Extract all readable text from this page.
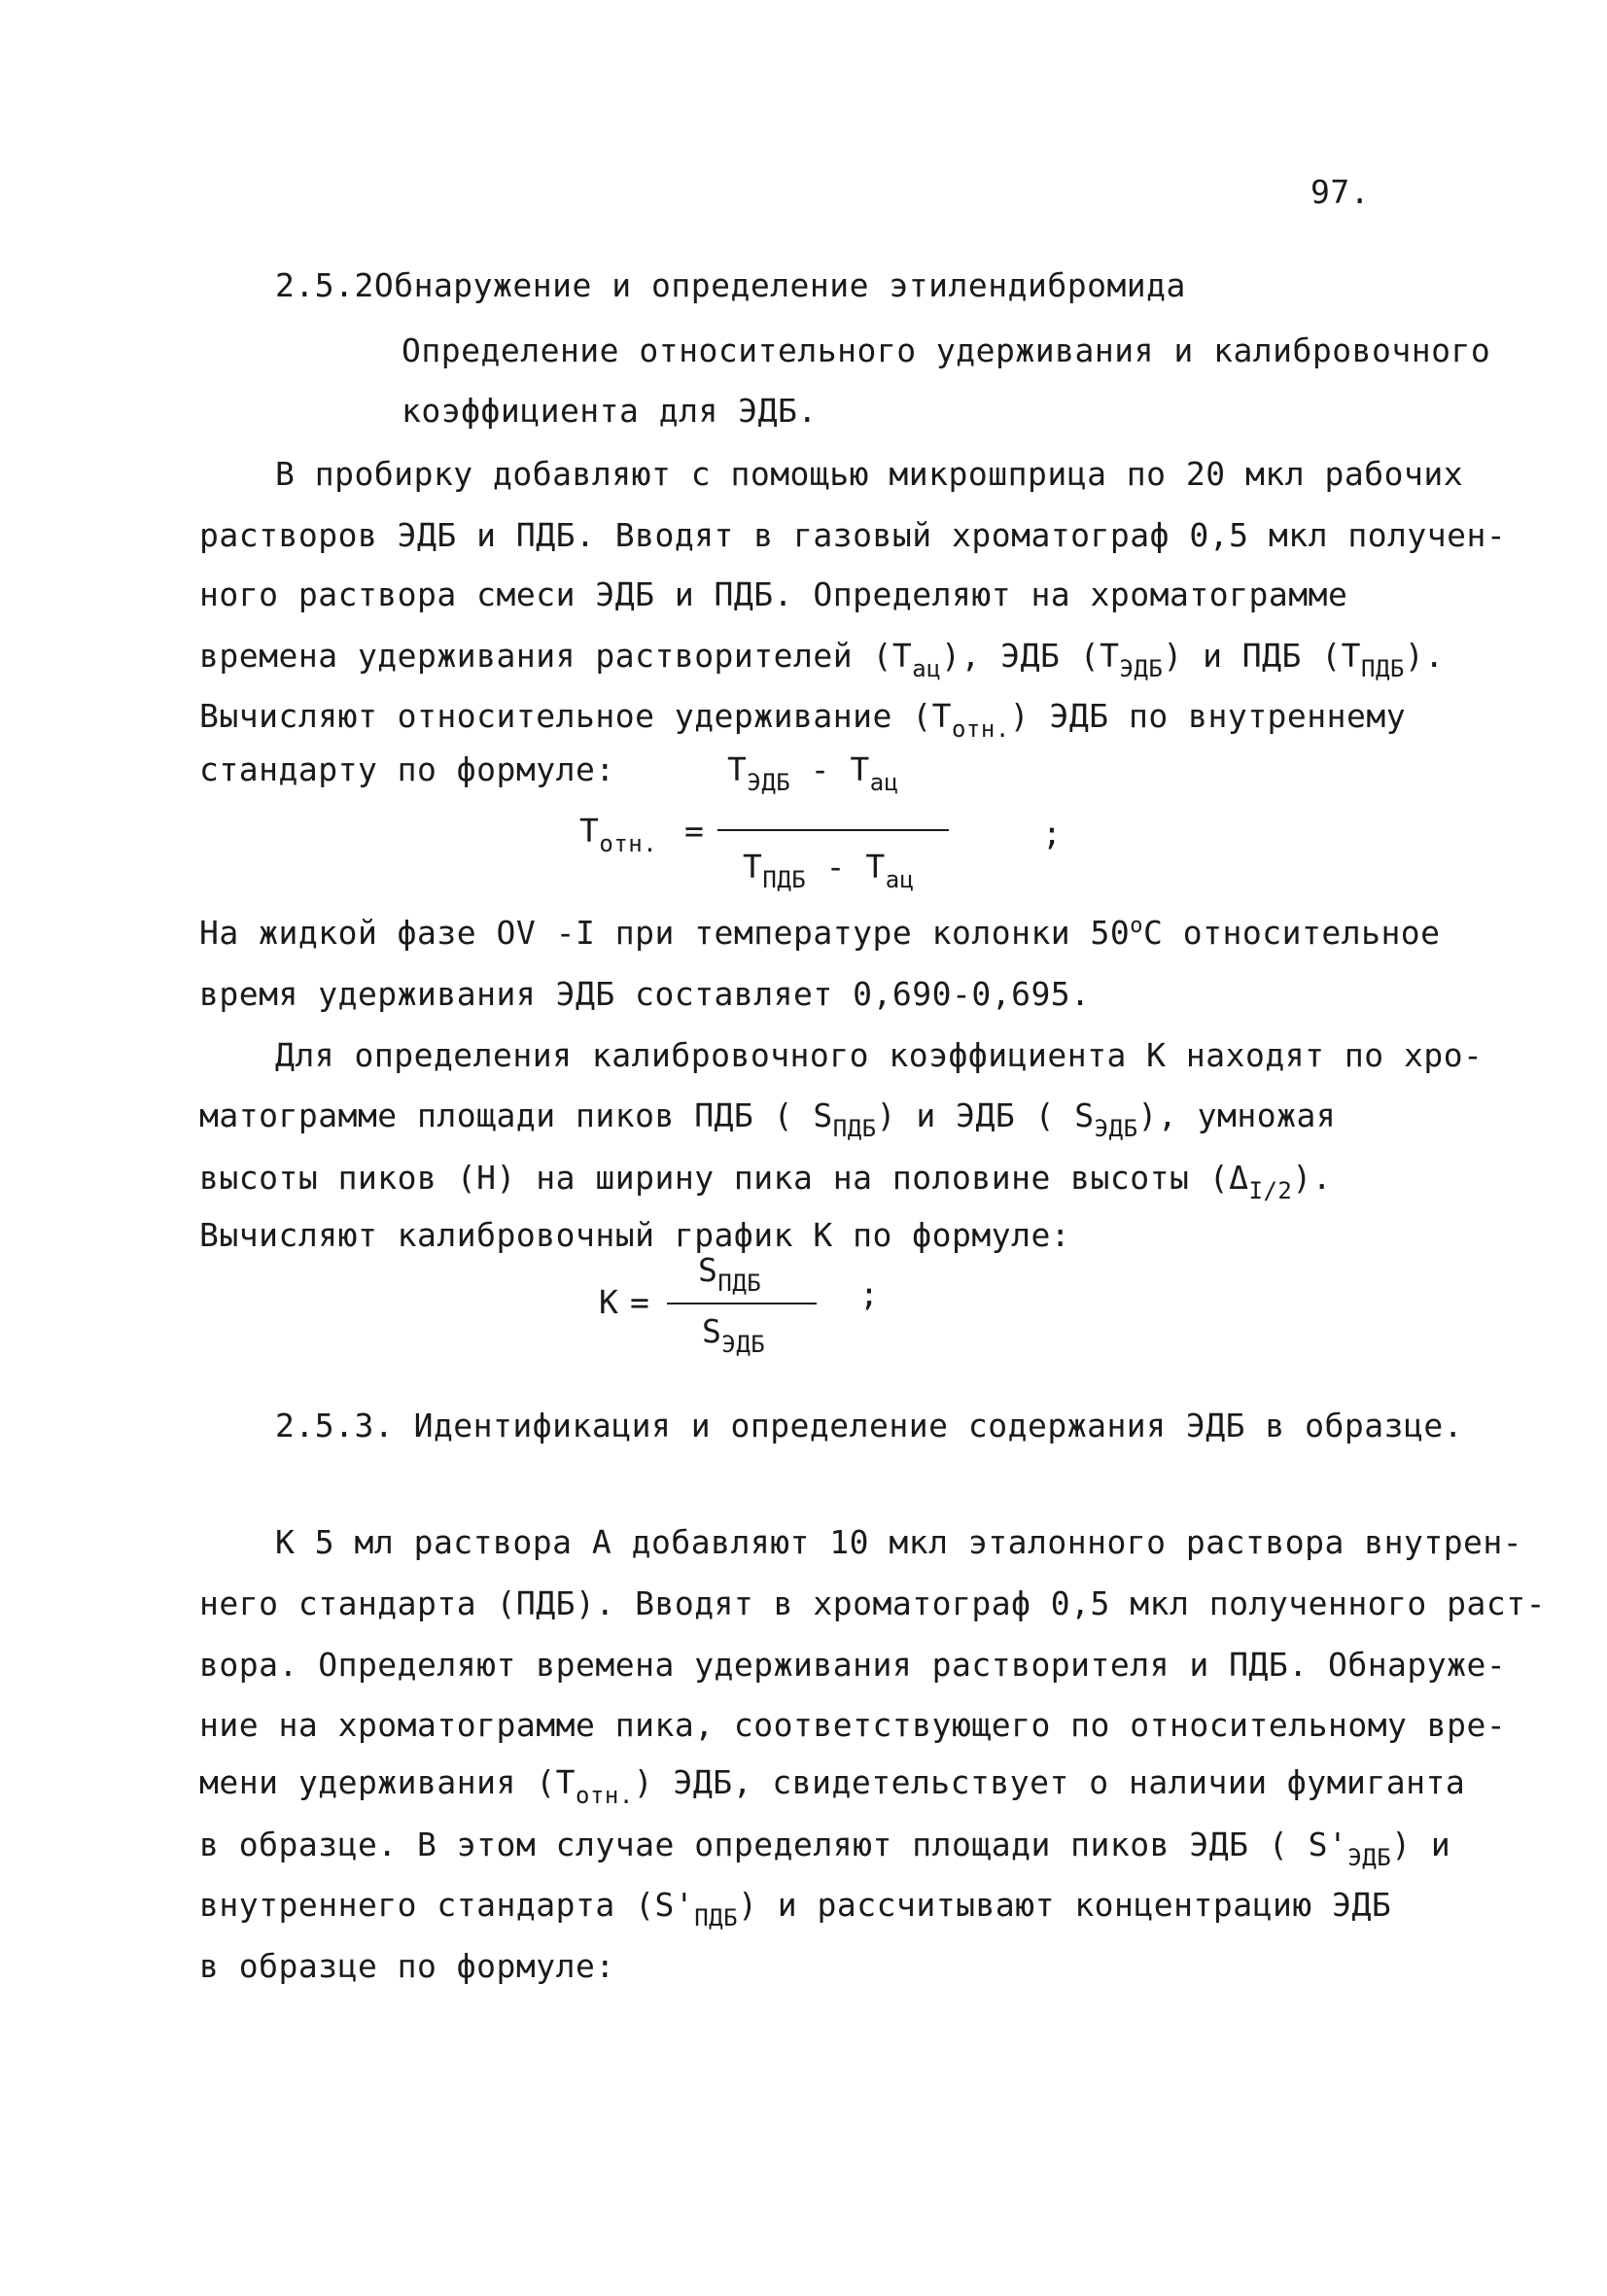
97.
2.5.2Обнаружение и определение этилендибромида
Определение относительного удерживания и калибровочного
коэффициента для ЭДБ.
В пробирку добавляют с помощью микрошприца по 20 мкл рабочих
растворов ЭДБ и ПДБ. Вводят в газовый хроматограф 0,5 мкл получен-
ного раствора смеси ЭДБ и ПДБ. Определяют на хроматограмме
времена удерживания растворителей $(Т_{ац})$, ЭДБ $(Т_{ЭДБ})$ и ПДБ $(Т_{ПДБ})$.
Вычисляют относительное удерживание $(Т_{отн.})$ ЭДБ по внутреннему
стандарту по формуле:	$Т_{ЭДБ} - Т_{ац}$
$Т_{отн.}$ =	;
$Т_{ПДБ} - Т_{ац}$
На жидкой фазе ОV -I при температуре колонки $50^оС$ относительное
время удерживания ЭДБ составляет 0,690-0,695.
Для определения калибровочного коэффициента К находят по хро-
матограмме площади пиков ПДБ ( $S_{ПДБ}$) и ЭДБ ( $S_{ЭДБ}$), умножая
высоты пиков (Н) на ширину пика на половине высоты $(\Delta_{I/2})$.
Вычисляют калибровочный график К по формуле:
$S_{ПДБ}$
К =	;
$S_{ЭДБ}$
2.5.3. Идентификация и определение содержания ЭДБ в образце.
К 5 мл раствора А добавляют 10 мкл эталонного раствора внутрен-
него стандарта (ПДБ). Вводят в хроматограф 0,5 мкл полученного раст-
вора. Определяют времена удерживания растворителя и ПДБ. Обнаруже-
ние на хроматограмме пика, соответствующего по относительному вре-
мени удерживания $(Т_{отн.})$ ЭДБ, свидетельствует о наличии фумиганта
в образце. В этом случае определяют площади пиков ЭДБ ( $S'_{ЭДБ}$) и
внутреннего стандарта $(S'_{ПДБ})$ и рассчитывают концентрацию ЭДБ
в образце по формуле:
